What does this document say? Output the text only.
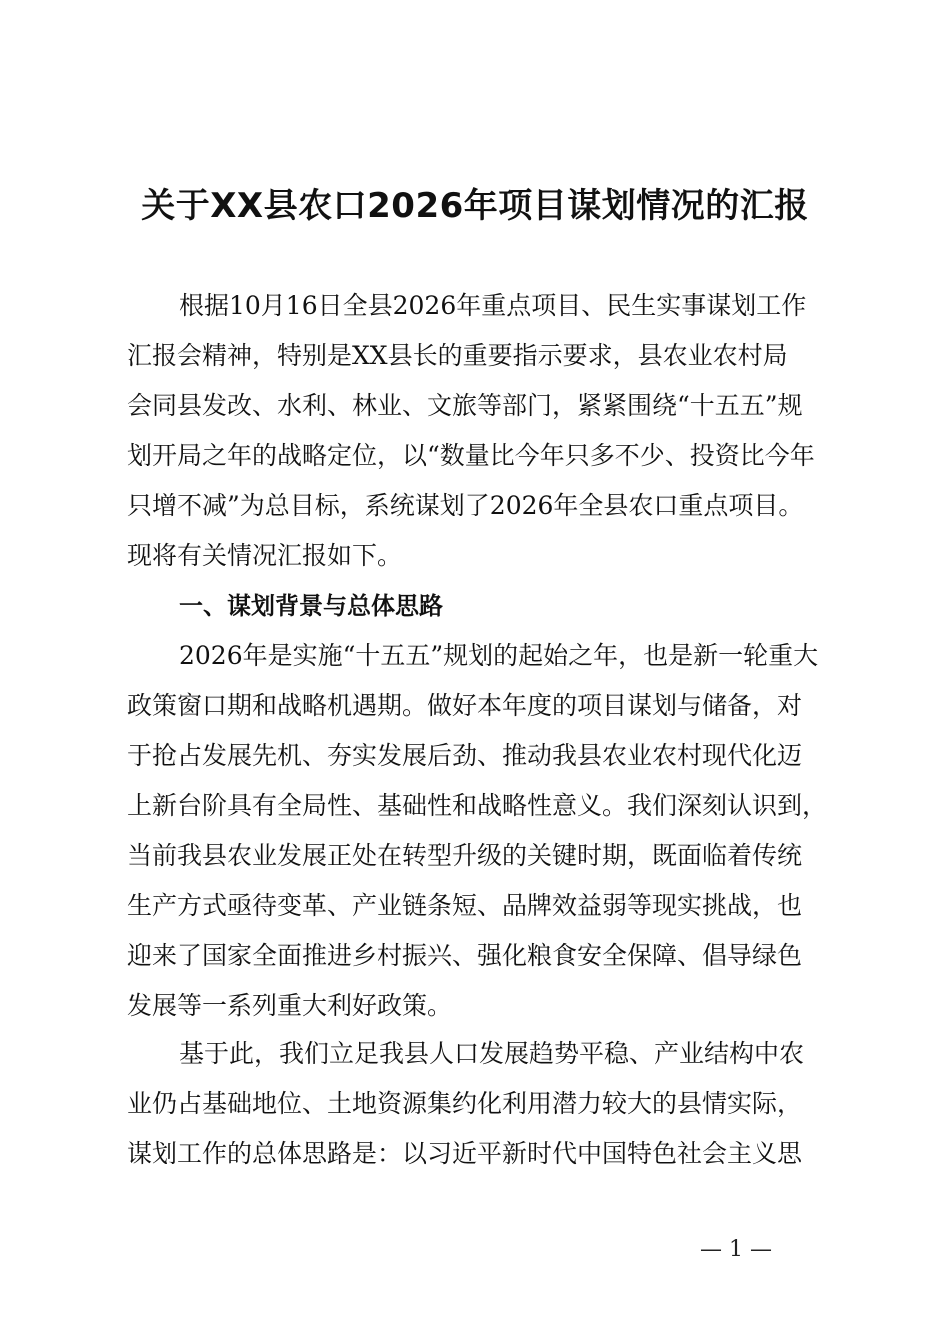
关于XX县农口2026年项目谋划情况的汇报
根据10月16日全县2026年重点项目、民生实事谋划工作
汇报会精神，特别是XX县长的重要指示要求，县农业农村局
会同县发改、水利、林业、文旅等部门，紧紧围绕“十五五”规
划开局之年的战略定位，以“数量比今年只多不少、投资比今年
只增不减”为总目标，系统谋划了2026年全县农口重点项目。
现将有关情况汇报如下。
一、谋划背景与总体思路
2026年是实施“十五五”规划的起始之年，也是新一轮重大
政策窗口期和战略机遇期。做好本年度的项目谋划与储备，对
于抢占发展先机、夯实发展后劲、推动我县农业农村现代化迈
上新台阶具有全局性、基础性和战略性意义。我们深刻认识到，
当前我县农业发展正处在转型升级的关键时期，既面临着传统
生产方式亟待变革、产业链条短、品牌效益弱等现实挑战，也
迎来了国家全面推进乡村振兴、强化粮食安全保障、倡导绿色
发展等一系列重大利好政策。
基于此，我们立足我县人口发展趋势平稳、产业结构中农
业仍占基础地位、土地资源集约化利用潜力较大的县情实际，
谋划工作的总体思路是：以习近平新时代中国特色社会主义思
— 1 —
